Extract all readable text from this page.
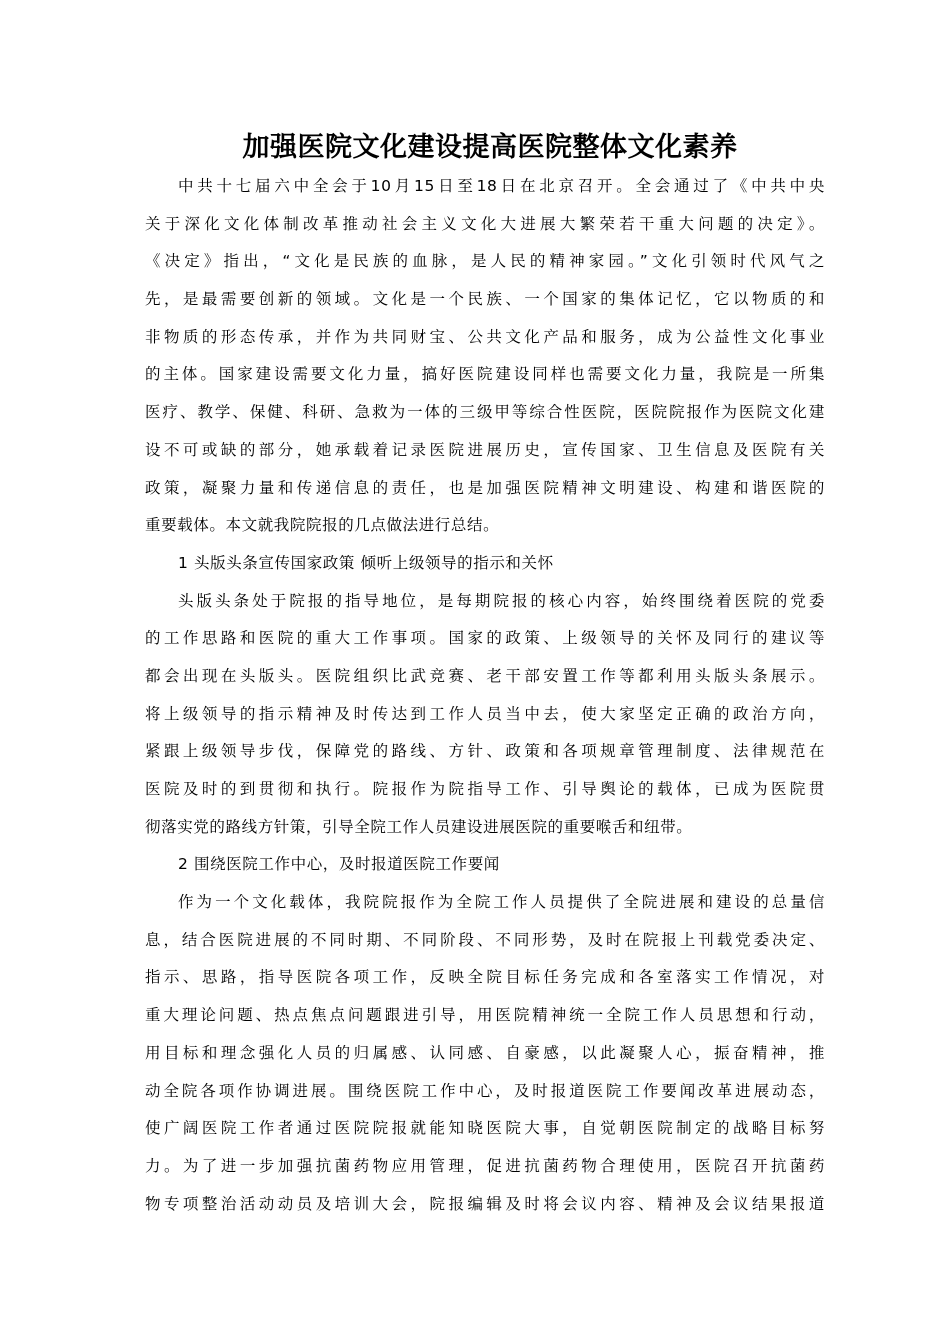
加强医院文化建设提高医院整体文化素养
中共十七届六中全会于10月15日至18日在北京召开。全会通过了《中共中央
关于深化文化体制改革推动社会主义文化大进展大繁荣若干重大问题的决定》。
《决定》指出，“文化是民族的血脉，是人民的精神家园。”文化引领时代风气之
先，是最需要创新的领域。文化是一个民族、一个国家的集体记忆，它以物质的和
非物质的形态传承，并作为共同财宝、公共文化产品和服务，成为公益性文化事业
的主体。国家建设需要文化力量，搞好医院建设同样也需要文化力量，我院是一所集
医疗、教学、保健、科研、急救为一体的三级甲等综合性医院，医院院报作为医院文化建
设不可或缺的部分，她承载着记录医院进展历史，宣传国家、卫生信息及医院有关
政策，凝聚力量和传递信息的责任，也是加强医院精神文明建设、构建和谐医院的
重要载体。本文就我院院报的几点做法进行总结。
1 头版头条宣传国家政策 倾听上级领导的指示和关怀
头版头条处于院报的指导地位，是每期院报的核心内容，始终围绕着医院的党委
的工作思路和医院的重大工作事项。国家的政策、上级领导的关怀及同行的建议等
都会出现在头版头。医院组织比武竞赛、老干部安置工作等都利用头版头条展示。
将上级领导的指示精神及时传达到工作人员当中去，使大家坚定正确的政治方向，
紧跟上级领导步伐，保障党的路线、方针、政策和各项规章管理制度、法律规范在
医院及时的到贯彻和执行。院报作为院指导工作、引导舆论的载体，已成为医院贯
彻落实党的路线方针策，引导全院工作人员建设进展医院的重要喉舌和纽带。
2 围绕医院工作中心，及时报道医院工作要闻
作为一个文化载体，我院院报作为全院工作人员提供了全院进展和建设的总量信
息，结合医院进展的不同时期、不同阶段、不同形势，及时在院报上刊载党委决定、
指示、思路，指导医院各项工作，反映全院目标任务完成和各室落实工作情况，对
重大理论问题、热点焦点问题跟进引导，用医院精神统一全院工作人员思想和行动，
用目标和理念强化人员的归属感、认同感、自豪感，以此凝聚人心，振奋精神，推
动全院各项作协调进展。围绕医院工作中心，及时报道医院工作要闻改革进展动态，
使广阔医院工作者通过医院院报就能知晓医院大事，自觉朝医院制定的战略目标努
力。为了进一步加强抗菌药物应用管理，促进抗菌药物合理使用，医院召开抗菌药
物专项整治活动动员及培训大会，院报编辑及时将会议内容、精神及会议结果报道
